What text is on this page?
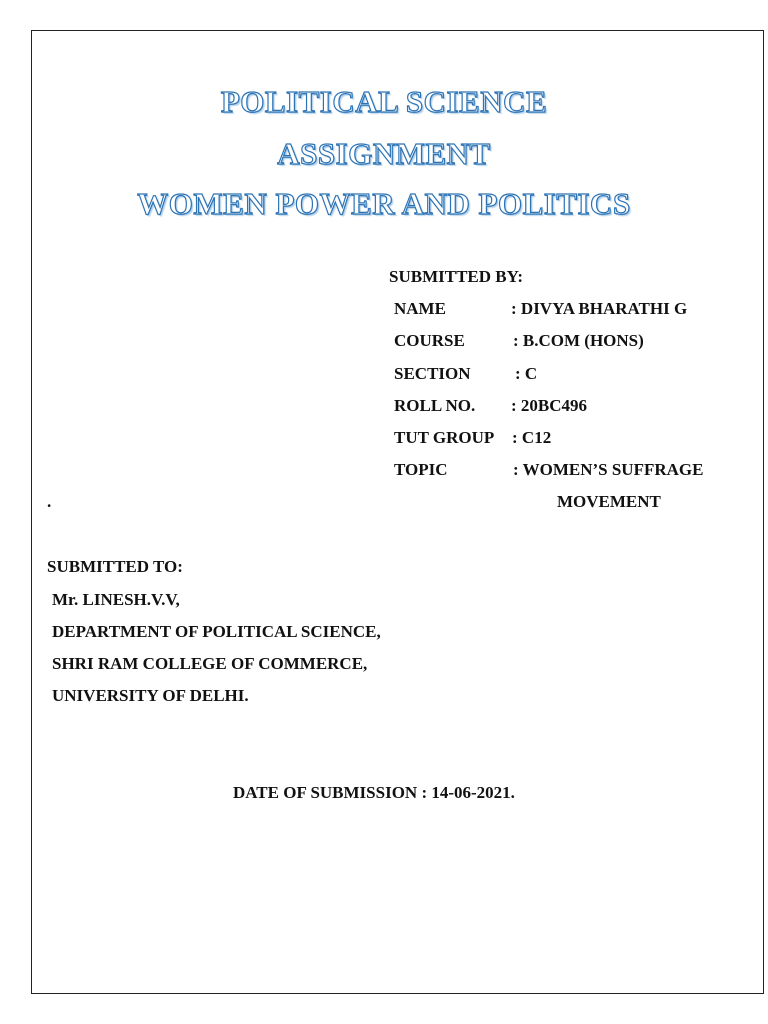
POLITICAL SCIENCE
ASSIGNMENT
WOMEN POWER AND POLITICS
SUBMITTED BY:
NAME	: DIVYA BHARATHI G
COURSE	: B.COM (HONS)
SECTION	: C
ROLL NO. : 20BC496
TUT GROUP : C12
TOPIC	: WOMEN’S SUFFRAGE
.	MOVEMENT
SUBMITTED TO:
Mr. LINESH.V.V,
DEPARTMENT OF POLITICAL SCIENCE,
SHRI RAM COLLEGE OF COMMERCE,
UNIVERSITY OF DELHI.
DATE OF SUBMISSION : 14-06-2021.
